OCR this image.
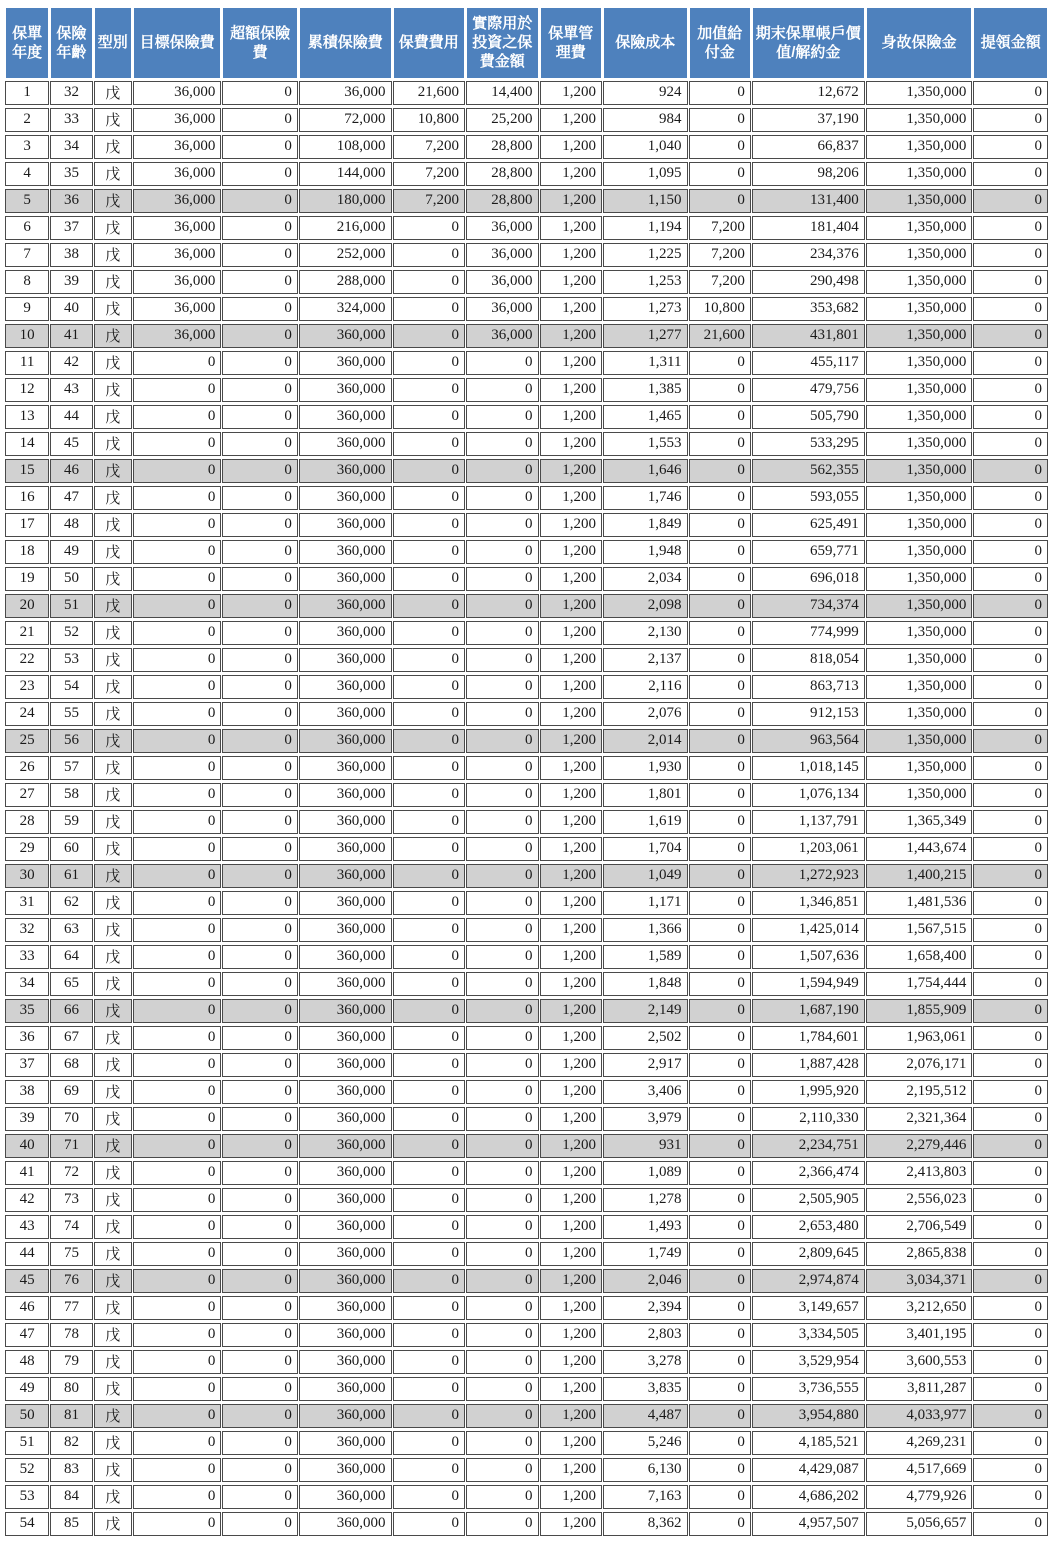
保單年度	保險年齡	型別	目標保險費	超額保險費	累積保險費	保費費用	實際用於投資之保費金額	保單管理費	保險成本	加值給付金	期末保單帳戶價值/解約金	身故保險金	提領金額
1	32	戊	36,000	0	36,000	21,600	14,400	1,200	924	0	12,672	1,350,000	0
2	33	戊	36,000	0	72,000	10,800	25,200	1,200	984	0	37,190	1,350,000	0
3	34	戊	36,000	0	108,000	7,200	28,800	1,200	1,040	0	66,837	1,350,000	0
4	35	戊	36,000	0	144,000	7,200	28,800	1,200	1,095	0	98,206	1,350,000	0
5	36	戊	36,000	0	180,000	7,200	28,800	1,200	1,150	0	131,400	1,350,000	0
6	37	戊	36,000	0	216,000	0	36,000	1,200	1,194	7,200	181,404	1,350,000	0
7	38	戊	36,000	0	252,000	0	36,000	1,200	1,225	7,200	234,376	1,350,000	0
8	39	戊	36,000	0	288,000	0	36,000	1,200	1,253	7,200	290,498	1,350,000	0
9	40	戊	36,000	0	324,000	0	36,000	1,200	1,273	10,800	353,682	1,350,000	0
10	41	戊	36,000	0	360,000	0	36,000	1,200	1,277	21,600	431,801	1,350,000	0
11	42	戊	0	0	360,000	0	0	1,200	1,311	0	455,117	1,350,000	0
12	43	戊	0	0	360,000	0	0	1,200	1,385	0	479,756	1,350,000	0
13	44	戊	0	0	360,000	0	0	1,200	1,465	0	505,790	1,350,000	0
14	45	戊	0	0	360,000	0	0	1,200	1,553	0	533,295	1,350,000	0
15	46	戊	0	0	360,000	0	0	1,200	1,646	0	562,355	1,350,000	0
16	47	戊	0	0	360,000	0	0	1,200	1,746	0	593,055	1,350,000	0
17	48	戊	0	0	360,000	0	0	1,200	1,849	0	625,491	1,350,000	0
18	49	戊	0	0	360,000	0	0	1,200	1,948	0	659,771	1,350,000	0
19	50	戊	0	0	360,000	0	0	1,200	2,034	0	696,018	1,350,000	0
20	51	戊	0	0	360,000	0	0	1,200	2,098	0	734,374	1,350,000	0
21	52	戊	0	0	360,000	0	0	1,200	2,130	0	774,999	1,350,000	0
22	53	戊	0	0	360,000	0	0	1,200	2,137	0	818,054	1,350,000	0
23	54	戊	0	0	360,000	0	0	1,200	2,116	0	863,713	1,350,000	0
24	55	戊	0	0	360,000	0	0	1,200	2,076	0	912,153	1,350,000	0
25	56	戊	0	0	360,000	0	0	1,200	2,014	0	963,564	1,350,000	0
26	57	戊	0	0	360,000	0	0	1,200	1,930	0	1,018,145	1,350,000	0
27	58	戊	0	0	360,000	0	0	1,200	1,801	0	1,076,134	1,350,000	0
28	59	戊	0	0	360,000	0	0	1,200	1,619	0	1,137,791	1,365,349	0
29	60	戊	0	0	360,000	0	0	1,200	1,704	0	1,203,061	1,443,674	0
30	61	戊	0	0	360,000	0	0	1,200	1,049	0	1,272,923	1,400,215	0
31	62	戊	0	0	360,000	0	0	1,200	1,171	0	1,346,851	1,481,536	0
32	63	戊	0	0	360,000	0	0	1,200	1,366	0	1,425,014	1,567,515	0
33	64	戊	0	0	360,000	0	0	1,200	1,589	0	1,507,636	1,658,400	0
34	65	戊	0	0	360,000	0	0	1,200	1,848	0	1,594,949	1,754,444	0
35	66	戊	0	0	360,000	0	0	1,200	2,149	0	1,687,190	1,855,909	0
36	67	戊	0	0	360,000	0	0	1,200	2,502	0	1,784,601	1,963,061	0
37	68	戊	0	0	360,000	0	0	1,200	2,917	0	1,887,428	2,076,171	0
38	69	戊	0	0	360,000	0	0	1,200	3,406	0	1,995,920	2,195,512	0
39	70	戊	0	0	360,000	0	0	1,200	3,979	0	2,110,330	2,321,364	0
40	71	戊	0	0	360,000	0	0	1,200	931	0	2,234,751	2,279,446	0
41	72	戊	0	0	360,000	0	0	1,200	1,089	0	2,366,474	2,413,803	0
42	73	戊	0	0	360,000	0	0	1,200	1,278	0	2,505,905	2,556,023	0
43	74	戊	0	0	360,000	0	0	1,200	1,493	0	2,653,480	2,706,549	0
44	75	戊	0	0	360,000	0	0	1,200	1,749	0	2,809,645	2,865,838	0
45	76	戊	0	0	360,000	0	0	1,200	2,046	0	2,974,874	3,034,371	0
46	77	戊	0	0	360,000	0	0	1,200	2,394	0	3,149,657	3,212,650	0
47	78	戊	0	0	360,000	0	0	1,200	2,803	0	3,334,505	3,401,195	0
48	79	戊	0	0	360,000	0	0	1,200	3,278	0	3,529,954	3,600,553	0
49	80	戊	0	0	360,000	0	0	1,200	3,835	0	3,736,555	3,811,287	0
50	81	戊	0	0	360,000	0	0	1,200	4,487	0	3,954,880	4,033,977	0
51	82	戊	0	0	360,000	0	0	1,200	5,246	0	4,185,521	4,269,231	0
52	83	戊	0	0	360,000	0	0	1,200	6,130	0	4,429,087	4,517,669	0
53	84	戊	0	0	360,000	0	0	1,200	7,163	0	4,686,202	4,779,926	0
54	85	戊	0	0	360,000	0	0	1,200	8,362	0	4,957,507	5,056,657	0
